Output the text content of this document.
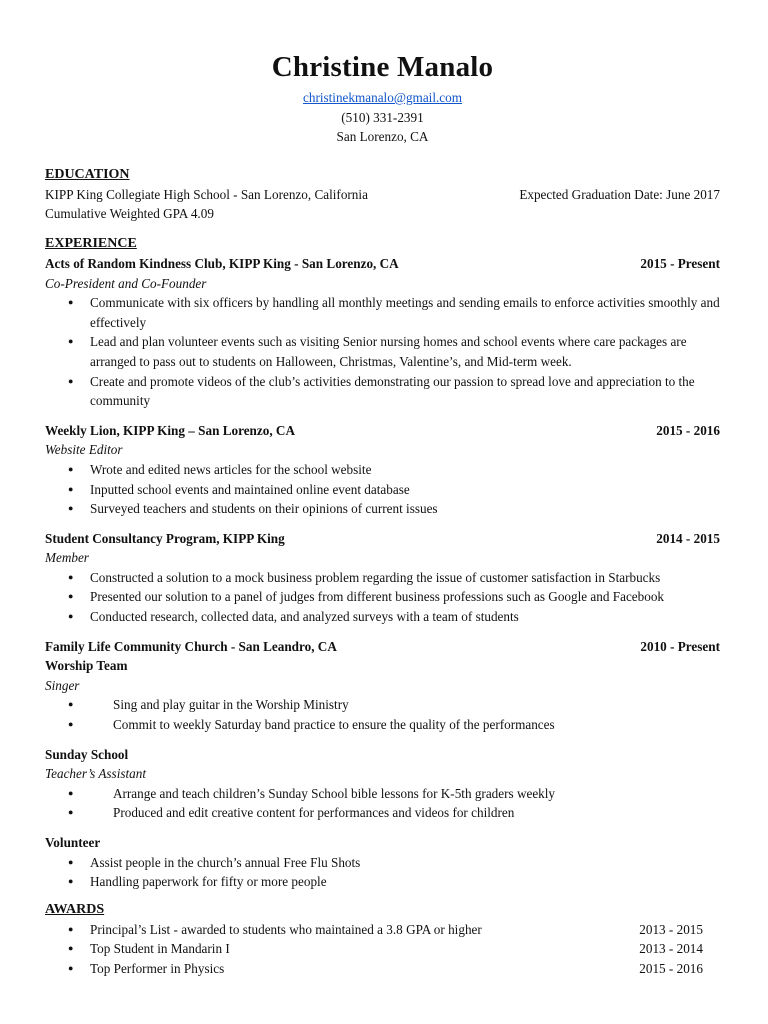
Christine Manalo
christinekmanalo@gmail.com
(510) 331-2391
San Lorenzo, CA
EDUCATION
KIPP King Collegiate High School - San Lorenzo, California	Expected Graduation Date: June 2017
Cumulative Weighted GPA 4.09
EXPERIENCE
Acts of Random Kindness Club, KIPP King - San Lorenzo, CA	2015 - Present
Co-President and Co-Founder
● Communicate with six officers by handling all monthly meetings and sending emails to enforce activities smoothly and effectively
● Lead and plan volunteer events such as visiting Senior nursing homes and school events where care packages are arranged to pass out to students on Halloween, Christmas, Valentine’s, and Mid-term week.
● Create and promote videos of the club’s activities demonstrating our passion to spread love and appreciation to the community
Weekly Lion, KIPP King – San Lorenzo, CA	2015 - 2016
Website Editor
● Wrote and edited news articles for the school website
● Inputted school events and maintained online event database
● Surveyed teachers and students on their opinions of current issues
Student Consultancy Program, KIPP King	2014 - 2015
Member
● Constructed a solution to a mock business problem regarding the issue of customer satisfaction in Starbucks
● Presented our solution to a panel of judges from different business professions such as Google and Facebook
● Conducted research, collected data, and analyzed surveys with a team of students
Family Life Community Church - San Leandro, CA	2010 - Present
Worship Team
Singer
● Sing and play guitar in the Worship Ministry
● Commit to weekly Saturday band practice to ensure the quality of the performances
Sunday School
Teacher’s Assistant
● Arrange and teach children’s Sunday School bible lessons for K-5th graders weekly
● Produced and edit creative content for performances and videos for children
Volunteer
● Assist people in the church’s annual Free Flu Shots
● Handling paperwork for fifty or more people
AWARDS
● Principal’s List - awarded to students who maintained a 3.8 GPA or higher	2013 - 2015
● Top Student in Mandarin I	2013 - 2014
● Top Performer in Physics	2015 - 2016
